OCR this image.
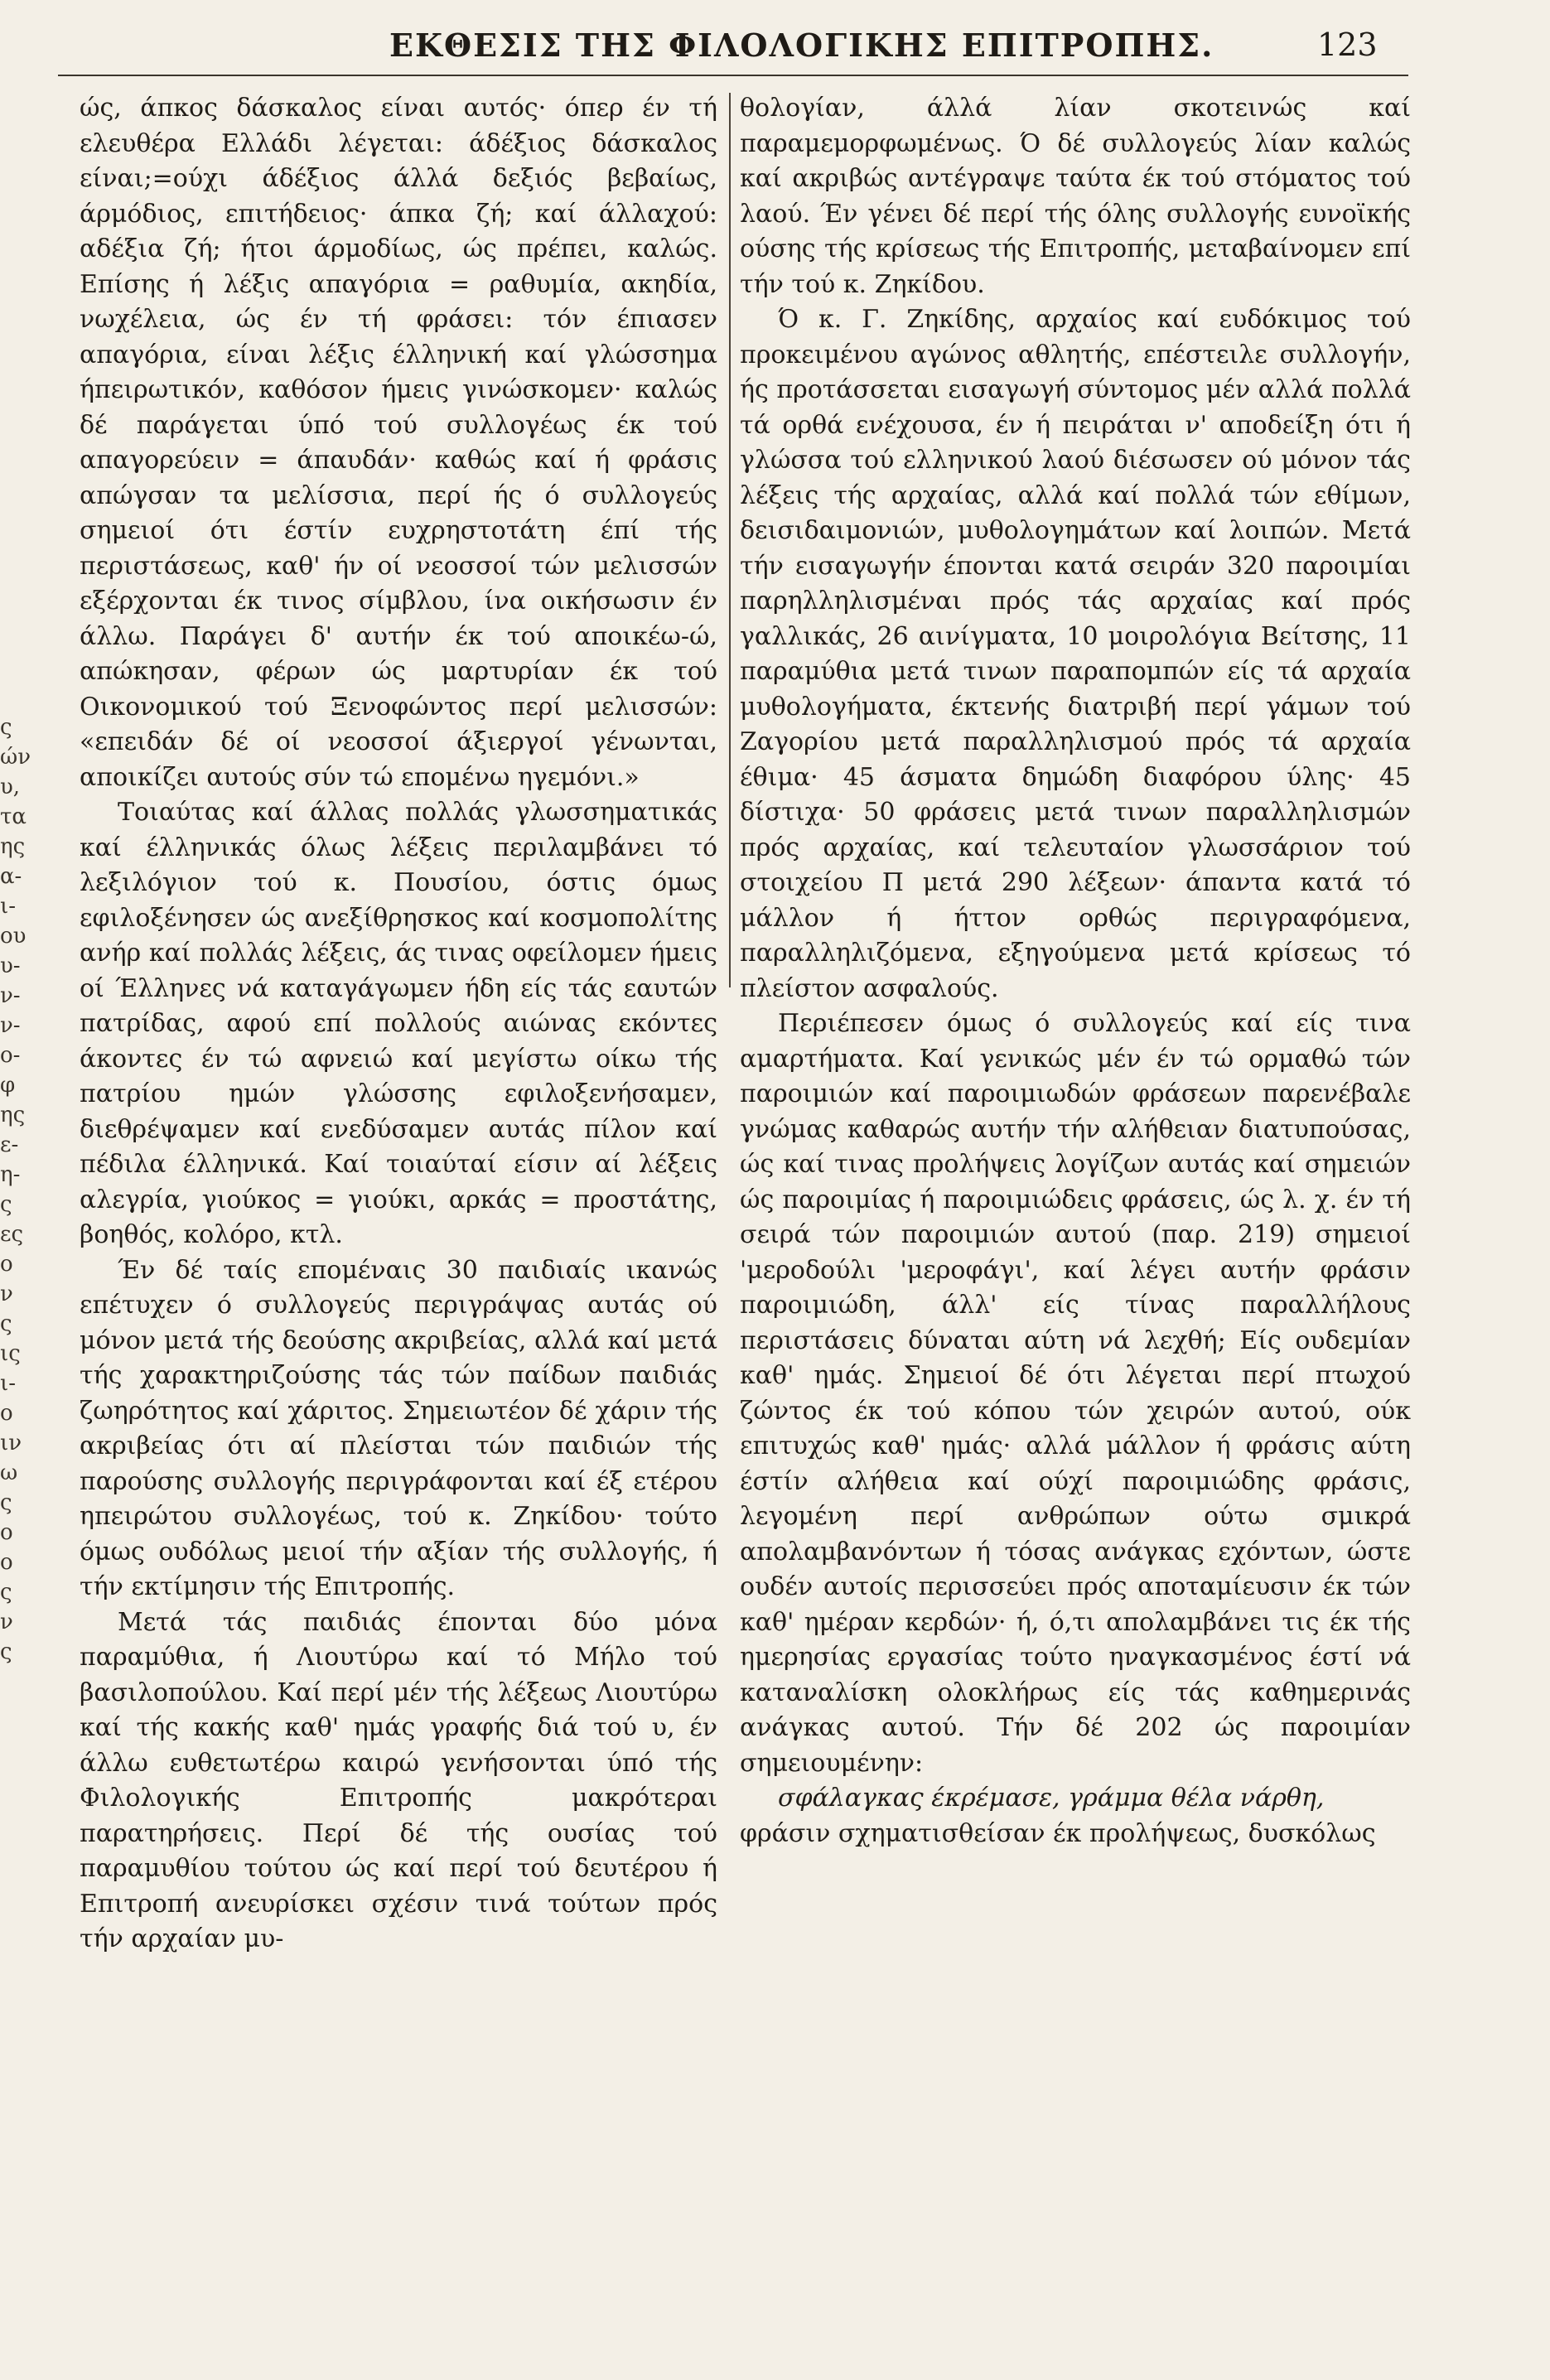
ΕΚΘΕΣΙΣ ΤΗΣ ΦΙΛΟΛΟΓΙΚΗΣ ΕΠΙΤΡΟΠΗΣ.	123
ς ών υ, τα ης α- ι- ου υ- ν- ν- ο- φ ης ε- η- ς ες ο ν ς ις ι- ο ιν ω ς ο ο ς ν ς

ώς, άπκος δάσκαλος είναι αυτός· όπερ έν τή ελευθέρα Ελλάδι λέγεται: άδέξιος δάσκαλος είναι;=ούχι άδέξιος άλλά δεξιός βεβαίως, άρμόδιος, επιτήδειος· άπκα ζή; καί άλλαχού: αδέξια ζή; ήτοι άρμοδίως, ώς πρέπει, καλώς. Επίσης ή λέξις απαγόρια = ραθυμία, ακηδία, νωχέλεια, ώς έν τή φράσει: τόν έπιασεν απαγόρια, είναι λέξις έλληνική καί γλώσσημα ήπειρωτικόν, καθόσον ήμεις γινώσκομεν· καλώς δέ παράγεται ύπό τού συλλογέως έκ τού απαγορεύειν = άπαυδάν· καθώς καί ή φράσις απώγσαν τα μελίσσια, περί ής ό συλλογεύς σημειοί ότι έστίν ευχρηστοτάτη έπί τής περιστάσεως, καθ' ήν οί νεοσσοί τών μελισσών εξέρχονται έκ τινος σίμβλου, ίνα οικήσωσιν έν άλλω. Παράγει δ' αυτήν έκ τού αποικέω-ώ, απώκησαν, φέρων ώς μαρτυρίαν έκ τού Οικονομικού τού Ξενοφώντος περί μελισσών: «επειδάν δέ οί νεοσσοί άξιεργοί γένωνται, αποικίζει αυτούς σύν τώ επομένω ηγεμόνι.»

Τοιαύτας καί άλλας πολλάς γλωσσηματικάς καί έλληνικάς όλως λέξεις περιλαμβάνει τό λεξιλόγιον τού κ. Πουσίου, όστις όμως εφιλοξένησεν ώς ανεξίθρησκος καί κοσμοπολίτης ανήρ καί πολλάς λέξεις, άς τινας οφείλομεν ήμεις οί Έλληνες νά καταγάγωμεν ήδη είς τάς εαυτών πατρίδας, αφού επί πολλούς αιώνας εκόντες άκοντες έν τώ αφνειώ καί μεγίστω οίκω τής πατρίου ημών γλώσσης εφιλοξενήσαμεν, διεθρέψαμεν καί ενεδύσαμεν αυτάς πίλον καί πέδιλα έλληνικά. Καί τοιαύταί είσιν αί λέξεις αλεγρία, γιούκος = γιούκι, αρκάς = προστάτης, βοηθός, κολόρο, κτλ.

Έν δέ ταίς επομέναις 30 παιδιαίς ικανώς επέτυχεν ό συλλογεύς περιγράψας αυτάς ού μόνον μετά τής δεούσης ακριβείας, αλλά καί μετά τής χαρακτηριζούσης τάς τών παίδων παιδιάς ζωηρότητος καί χάριτος. Σημειωτέον δέ χάριν τής ακριβείας ότι αί πλείσται τών παιδιών τής παρούσης συλλογής περιγράφονται καί έξ ετέρου ηπειρώτου συλλογέως, τού κ. Ζηκίδου· τούτο όμως ουδόλως μειοί τήν αξίαν τής συλλογής, ή τήν εκτίμησιν τής Επιτροπής.

Μετά τάς παιδιάς έπονται δύο μόνα παραμύθια, ή Λιουτύρω καί τό Μήλο τού βασιλοπούλου. Καί περί μέν τής λέξεως Λιουτύρω καί τής κακής καθ' ημάς γραφής διά τού υ, έν άλλω ευθετωτέρω καιρώ γενήσονται ύπό τής Φιλολογικής Επιτροπής μακρότεραι παρατηρήσεις. Περί δέ τής ουσίας τού παραμυθίου τούτου ώς καί περί τού δευτέρου ή Επιτροπή ανευρίσκει σχέσιν τινά τούτων πρός τήν αρχαίαν μυ-

θολογίαν, άλλά λίαν σκοτεινώς καί παραμεμορφωμένως. Ό δέ συλλογεύς λίαν καλώς καί ακριβώς αντέγραψε ταύτα έκ τού στόματος τού λαού. Έν γένει δέ περί τής όλης συλλογής ευνοϊκής ούσης τής κρίσεως τής Επιτροπής, μεταβαίνομεν επί τήν τού κ. Ζηκίδου.

Ό κ. Γ. Ζηκίδης, αρχαίος καί ευδόκιμος τού προκειμένου αγώνος αθλητής, επέστειλε συλλογήν, ής προτάσσεται εισαγωγή σύντομος μέν αλλά πολλά τά ορθά ενέχουσα, έν ή πειράται ν' αποδείξη ότι ή γλώσσα τού ελληνικού λαού διέσωσεν ού μόνον τάς λέξεις τής αρχαίας, αλλά καί πολλά τών εθίμων, δεισιδαιμονιών, μυθολογημάτων καί λοιπών. Μετά τήν εισαγωγήν έπονται κατά σειράν 320 παροιμίαι παρηλληλισμέναι πρός τάς αρχαίας καί πρός γαλλικάς, 26 αινίγματα, 10 μοιρολόγια Βείτσης, 11 παραμύθια μετά τινων παραπομπών είς τά αρχαία μυθολογήματα, έκτενής διατριβή περί γάμων τού Ζαγορίου μετά παραλληλισμού πρός τά αρχαία έθιμα· 45 άσματα δημώδη διαφόρου ύλης· 45 δίστιχα· 50 φράσεις μετά τινων παραλληλισμών πρός αρχαίας, καί τελευταίον γλωσσάριον τού στοιχείου Π μετά 290 λέξεων· άπαντα κατά τό μάλλον ή ήττον ορθώς περιγραφόμενα, παραλληλιζόμενα, εξηγούμενα μετά κρίσεως τό πλείστον ασφαλούς.

Περιέπεσεν όμως ό συλλογεύς καί είς τινα αμαρτήματα. Καί γενικώς μέν έν τώ ορμαθώ τών παροιμιών καί παροιμιωδών φράσεων παρενέβαλε γνώμας καθαρώς αυτήν τήν αλήθειαν διατυπούσας, ώς καί τινας προλήψεις λογίζων αυτάς καί σημειών ώς παροιμίας ή παροιμιώδεις φράσεις, ώς λ. χ. έν τή σειρά τών παροιμιών αυτού (παρ. 219) σημειοί 'μεροδούλι 'μεροφάγι', καί λέγει αυτήν φράσιν παροιμιώδη, άλλ' είς τίνας παραλλήλους περιστάσεις δύναται αύτη νά λεχθή; Είς ουδεμίαν καθ' ημάς. Σημειοί δέ ότι λέγεται περί πτωχού ζώντος έκ τού κόπου τών χειρών αυτού, ούκ επιτυχώς καθ' ημάς· αλλά μάλλον ή φράσις αύτη έστίν αλήθεια καί ούχί παροιμιώδης φράσις, λεγομένη περί ανθρώπων ούτω σμικρά απολαμβανόντων ή τόσας ανάγκας εχόντων, ώστε ουδέν αυτοίς περισσεύει πρός αποταμίευσιν έκ τών καθ' ημέραν κερδών· ή, ό,τι απολαμβάνει τις έκ τής ημερησίας εργασίας τούτο ηναγκασμένος έστί νά καταναλίσκη ολοκλήρως είς τάς καθημερινάς ανάγκας αυτού. Τήν δέ 202 ώς παροιμίαν σημειουμένην:

σφάλαγκας έκρέμασε, γράμμα θέλα νάρθη,

φράσιν σχηματισθείσαν έκ προλήψεως, δυσκόλως
